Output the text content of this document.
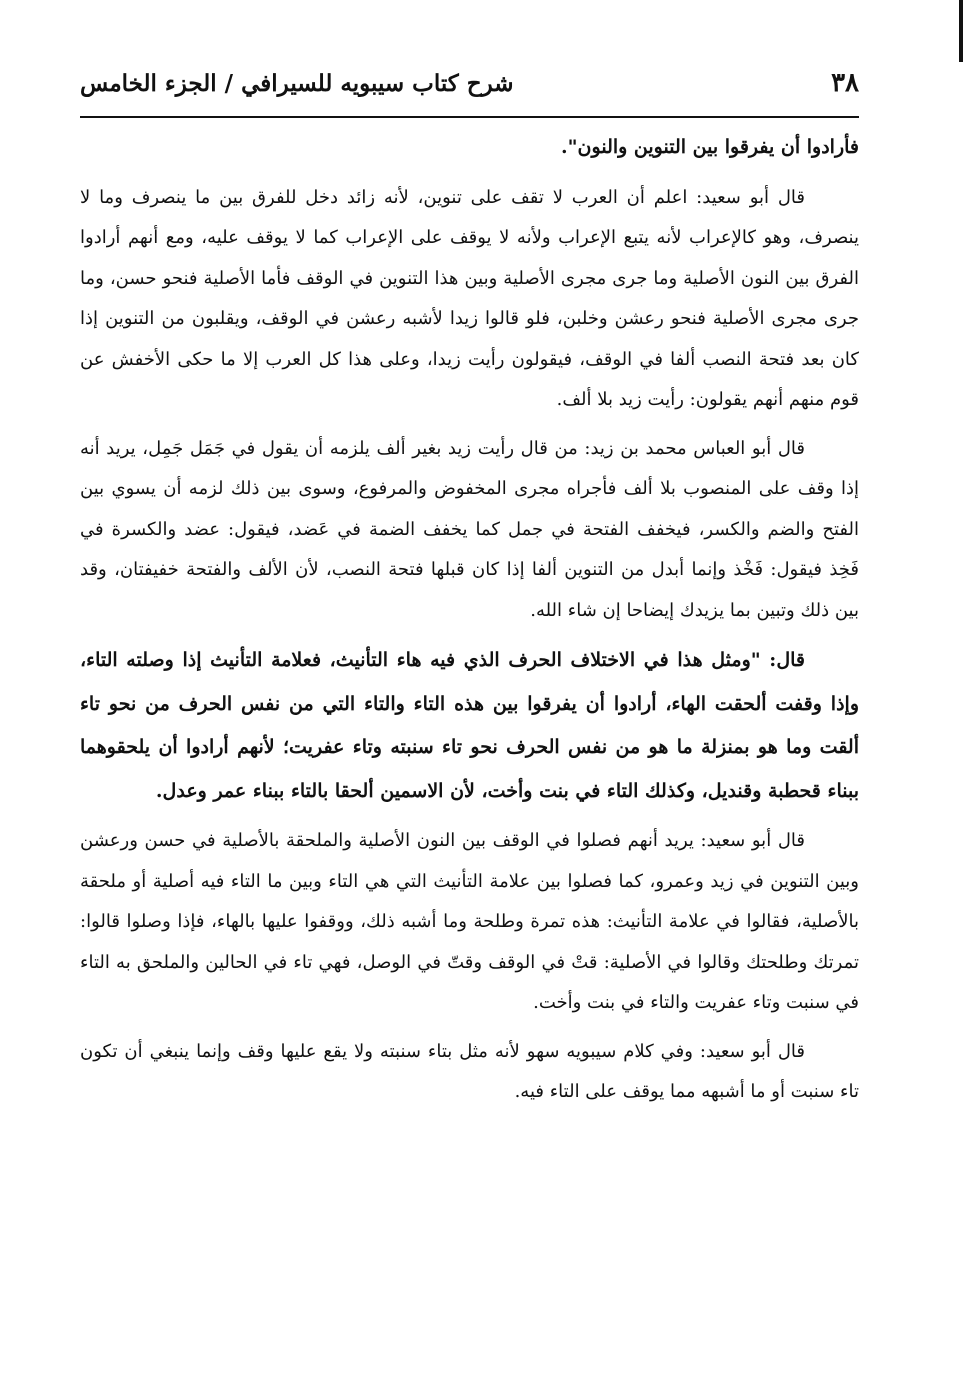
٣٨
شرح كتاب سيبويه للسيرافي / الجزء الخامس

فأرادوا أن يفرقوا بين التنوين والنون".

قال أبو سعيد: اعلم أن العرب لا تقف على تنوين، لأنه زائد دخل للفرق بين ما ينصرف وما لا ينصرف، وهو كالإعراب لأنه يتبع الإعراب ولأنه لا يوقف على الإعراب كما لا يوقف عليه، ومع أنهم أرادوا الفرق بين النون الأصلية وما جرى مجرى الأصلية وبين هذا التنوين في الوقف فأما الأصلية فنحو حسن، وما جرى مجرى الأصلية فنحو رعشن وخلبن، فلو قالوا زيدا لأشبه رعشن في الوقف، ويقلبون من التنوين إذا كان بعد فتحة النصب ألفا في الوقف، فيقولون رأيت زيدا، وعلى هذا كل العرب إلا ما حكى الأخفش عن قوم منهم أنهم يقولون: رأيت زيد بلا ألف.

قال أبو العباس محمد بن زيد: من قال رأيت زيد بغير ألف يلزمه أن يقول في جَمَل جَمِل، يريد أنه إذا وقف على المنصوب بلا ألف فأجراه مجرى المخفوض والمرفوع، وسوى بين ذلك لزمه أن يسوي بين الفتح والضم والكسر، فيخفف الفتحة في جمل كما يخفف الضمة في عَضد، فيقول: عضد والكسرة في فَخِذ فيقول: فَخْذ وإنما أبدل من التنوين ألفا إذا كان قبلها فتحة النصب، لأن الألف والفتحة خفيفتان، وقد بين ذلك وتبين بما يزيدك إيضاحا إن شاء الله.

قال: "ومثل هذا في الاختلاف الحرف الذي فيه هاء التأنيث، فعلامة التأنيث إذا وصلته التاء، وإذا وقفت ألحقت الهاء، أرادوا أن يفرقوا بين هذه التاء والتاء التي من نفس الحرف من نحو تاء ألقت وما هو بمنزلة ما هو من نفس الحرف نحو تاء سنبته وتاء عفريت؛ لأنهم أرادوا أن يلحقوهما ببناء قحطبة وقنديل، وكذلك التاء في بنت وأخت، لأن الاسمين ألحقا بالتاء ببناء عمر وعدل.

قال أبو سعيد: يريد أنهم فصلوا في الوقف بين النون الأصلية والملحقة بالأصلية في حسن ورعشن وبين التنوين في زيد وعمرو، كما فصلوا بين علامة التأنيث التي هي التاء وبين ما التاء فيه أصلية أو ملحقة بالأصلية، فقالوا في علامة التأنيث: هذه تمرة وطلحة وما أشبه ذلك، ووقفوا عليها بالهاء، فإذا وصلوا قالوا: تمرتك وطلحتك وقالوا في الأصلية: قتْ في الوقف وقتّ في الوصل، فهي تاء في الحالين والملحق به التاء في سنبت وتاء عفريت والتاء في بنت وأخت.

قال أبو سعيد: وفي كلام سيبويه سهو لأنه مثل بتاء سنبته ولا يقع عليها وقف وإنما ينبغي أن تكون تاء سنبت أو ما أشبهه مما يوقف على التاء فيه.
